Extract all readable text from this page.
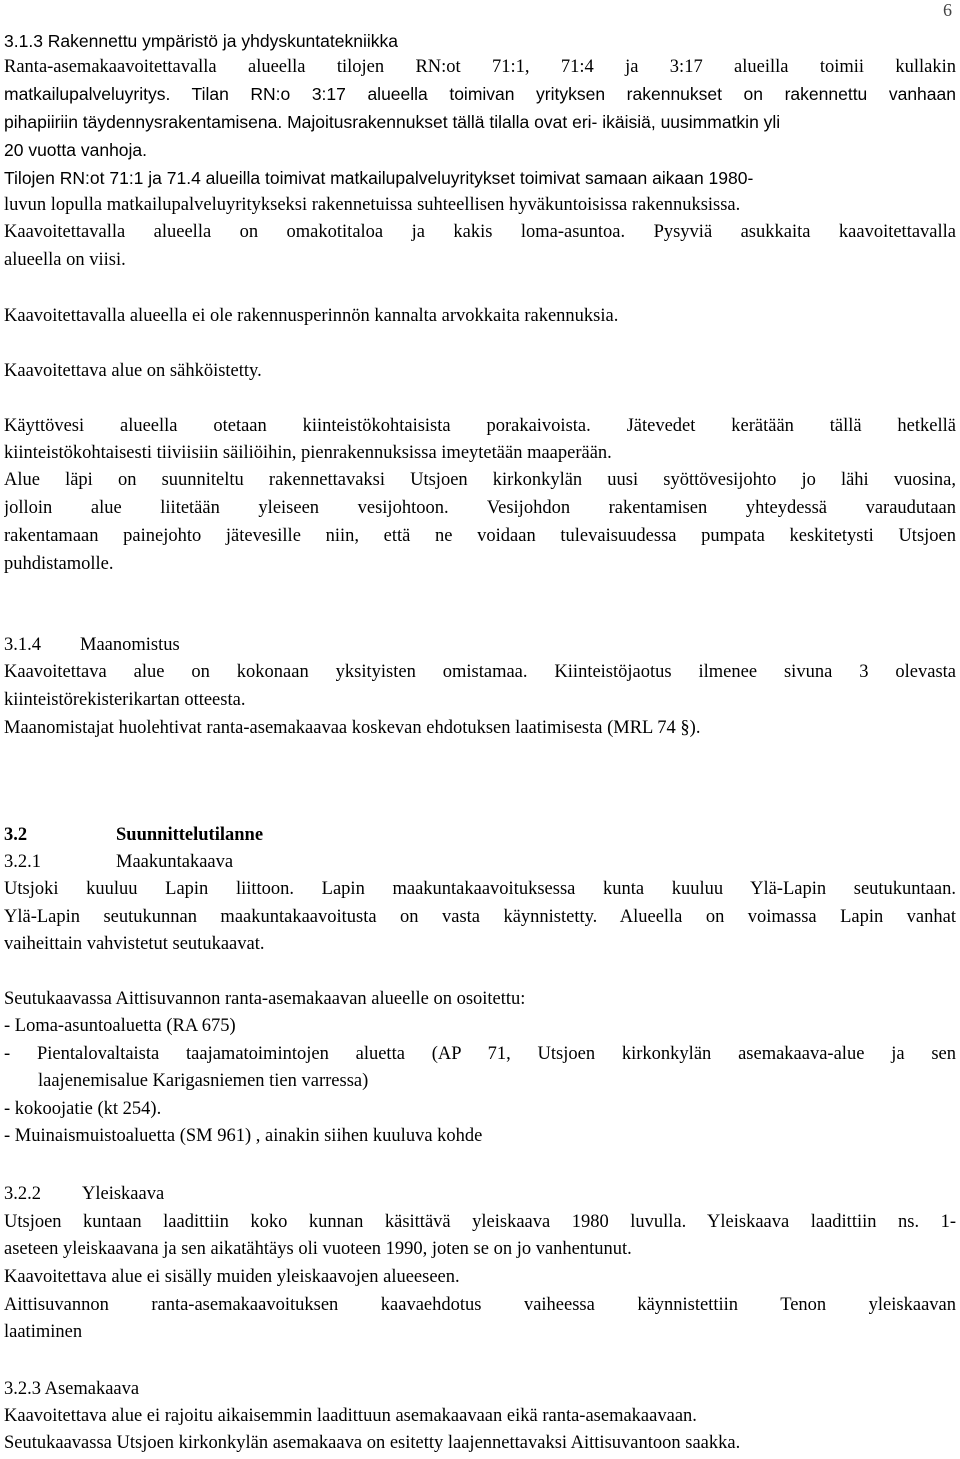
6
3.1.3 Rakennettu ympäristö ja yhdyskuntatekniikka
Ranta-asemakaavoitettavalla alueella tilojen RN:ot 71:1, 71:4 ja 3:17 alueilla toimii kullakin
matkailupalveluyritys. Tilan RN:o 3:17 alueella toimivan yrityksen rakennukset on rakennettu vanhaan
pihapiiriin täydennysrakentamisena. Majoitusrakennukset tällä tilalla ovat eri- ikäisiä, uusimmatkin yli
20 vuotta vanhoja.
Tilojen RN:ot 71:1 ja 71.4 alueilla toimivat matkailupalveluyritykset toimivat samaan aikaan 1980-
luvun lopulla matkailupalveluyritykseksi rakennetuissa suhteellisen hyväkuntoisissa rakennuksissa.
Kaavoitettavalla alueella on omakotitaloa ja kakis loma-asuntoa. Pysyviä asukkaita kaavoitettavalla
alueella on viisi.
Kaavoitettavalla alueella ei ole rakennusperinnön kannalta arvokkaita rakennuksia.
Kaavoitettava alue on sähköistetty.
Käyttövesi alueella otetaan kiinteistökohtaisista porakaivoista. Jätevedet kerätään tällä hetkellä
kiinteistökohtaisesti tiiviisiin säiliöihin, pienrakennuksissa imeytetään maaperään.
Alue läpi on suunniteltu rakennettavaksi Utsjoen kirkonkylän uusi syöttövesijohto jo lähi vuosina,
jolloin alue liitetään yleiseen vesijohtoon. Vesijohdon rakentamisen yhteydessä varaudutaan
rakentamaan painejohto jätevesille niin, että ne voidaan tulevaisuudessa pumpata keskitetysti Utsjoen
puhdistamolle.
3.1.4 Maanomistus
Kaavoitettava alue on kokonaan yksityisten omistamaa. Kiinteistöjaotus ilmenee sivuna 3 olevasta
kiinteistörekisterikartan otteesta.
Maanomistajat huolehtivat ranta-asemakaavaa koskevan ehdotuksen laatimisesta (MRL 74 §).
3.2	Suunnittelutilanne
3.2.1	Maakuntakaava
Utsjoki kuuluu Lapin liittoon. Lapin maakuntakaavoituksessa kunta kuuluu Ylä-Lapin seutukuntaan.
Ylä-Lapin seutukunnan maakuntakaavoitusta on vasta käynnistetty. Alueella on voimassa Lapin vanhat
vaiheittain vahvistetut seutukaavat.
Seutukaavassa Aittisuvannon ranta-asemakaavan alueelle on osoitettu:
- Loma-asuntoaluetta (RA 675)
- Pientalovaltaista taajamatoimintojen aluetta (AP 71, Utsjoen kirkonkylän asemakaava-alue ja sen
laajenemisalue Karigasniemen tien varressa)
- kokoojatie (kt 254).
- Muinaismuistoaluetta (SM 961) , ainakin siihen kuuluva kohde
3.2.2 Yleiskaava
Utsjoen kuntaan laadittiin koko kunnan käsittävä yleiskaava 1980 luvulla. Yleiskaava laadittiin ns. 1-
aseteen yleiskaavana ja sen aikatähtäys oli vuoteen 1990, joten se on jo vanhentunut.
Kaavoitettava alue ei sisälly muiden yleiskaavojen alueeseen.
Aittisuvannon ranta-asemakaavoituksen kaavaehdotus vaiheessa käynnistettiin Tenon yleiskaavan
laatiminen
3.2.3 Asemakaava
Kaavoitettava alue ei rajoitu aikaisemmin laadittuun asemakaavaan eikä ranta-asemakaavaan.
Seutukaavassa Utsjoen kirkonkylän asemakaava on esitetty laajennettavaksi Aittisuvantoon saakka.
